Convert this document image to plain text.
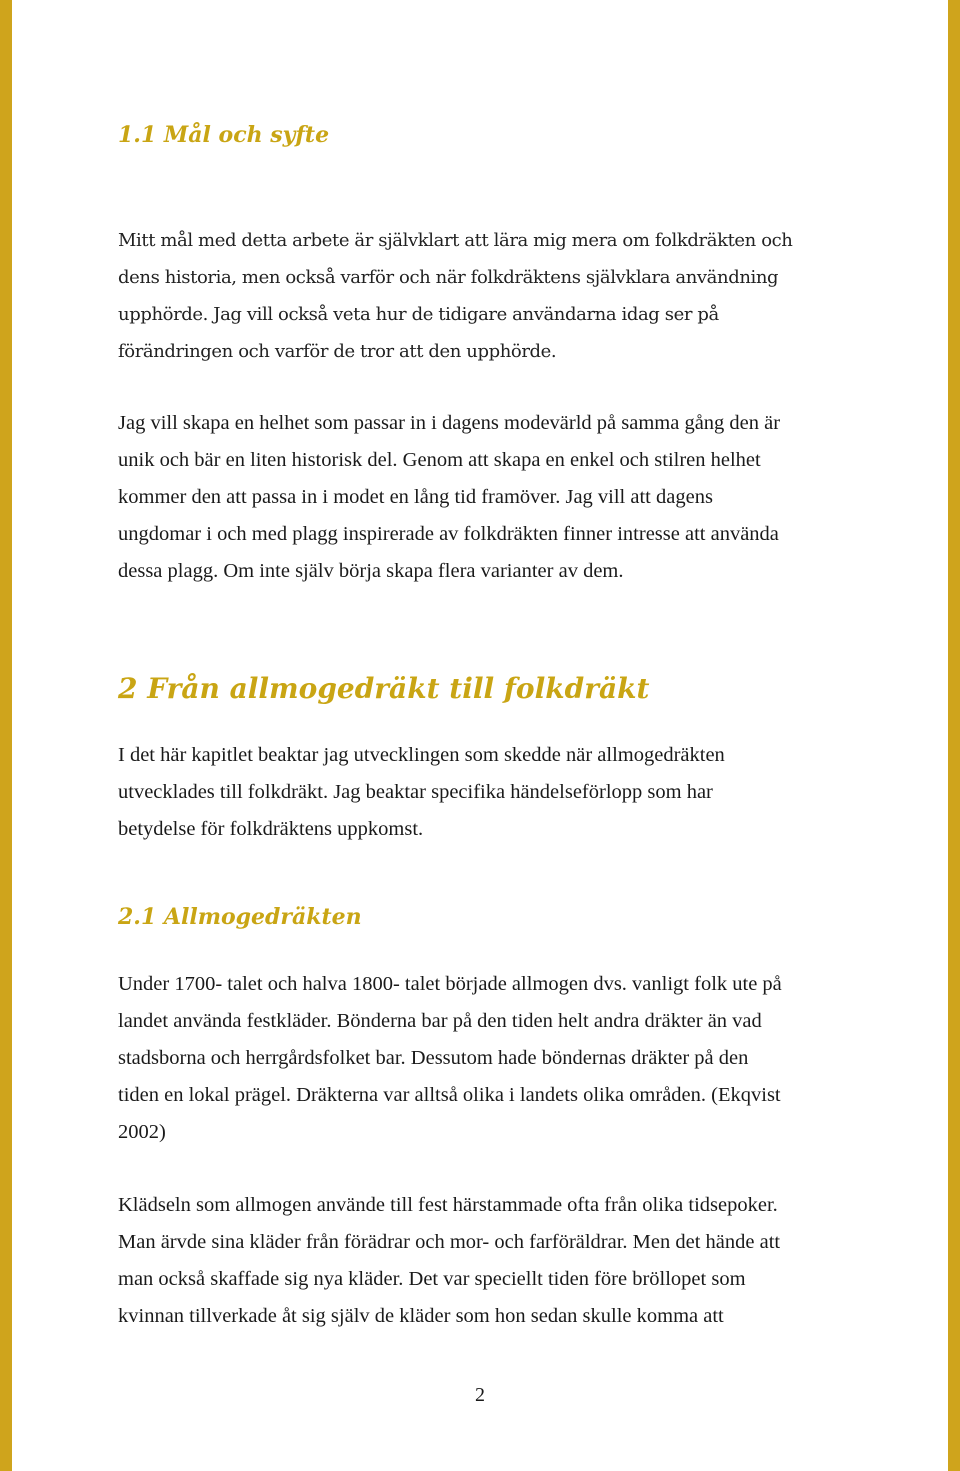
1.1 Mål och syfte

Mitt mål med detta arbete är självklart att lära mig mera om folkdräkten och
dens historia, men också varför och när folkdräktens självklara användning
upphörde. Jag vill också veta hur de tidigare användarna idag ser på
förändringen och varför de tror att den upphörde.

Jag vill skapa en helhet som passar in i dagens modevärld på samma gång den är
unik och bär en liten historisk del. Genom att skapa en enkel och stilren helhet
kommer den att passa in i modet en lång tid framöver. Jag vill att dagens
ungdomar i och med plagg inspirerade av folkdräkten finner intresse att använda
dessa plagg. Om inte själv börja skapa flera varianter av dem.

2 Från allmogedräkt till folkdräkt

I det här kapitlet beaktar jag utvecklingen som skedde när allmogedräkten
utvecklades till folkdräkt. Jag beaktar specifika händelseförlopp som har
betydelse för folkdräktens uppkomst.

2.1 Allmogedräkten

Under 1700- talet och halva 1800- talet började allmogen dvs. vanligt folk ute på
landet använda festkläder. Bönderna bar på den tiden helt andra dräkter än vad
stadsborna och herrgårdsfolket bar. Dessutom hade böndernas dräkter på den
tiden en lokal prägel. Dräkterna var alltså olika i landets olika områden. (Ekqvist
2002)

Klädseln som allmogen använde till fest härstammade ofta från olika tidsepoker.
Man ärvde sina kläder från förädrar och mor- och farföräldrar. Men det hände att
man också skaffade sig nya kläder. Det var speciellt tiden före bröllopet som
kvinnan tillverkade åt sig själv de kläder som hon sedan skulle komma att

2
